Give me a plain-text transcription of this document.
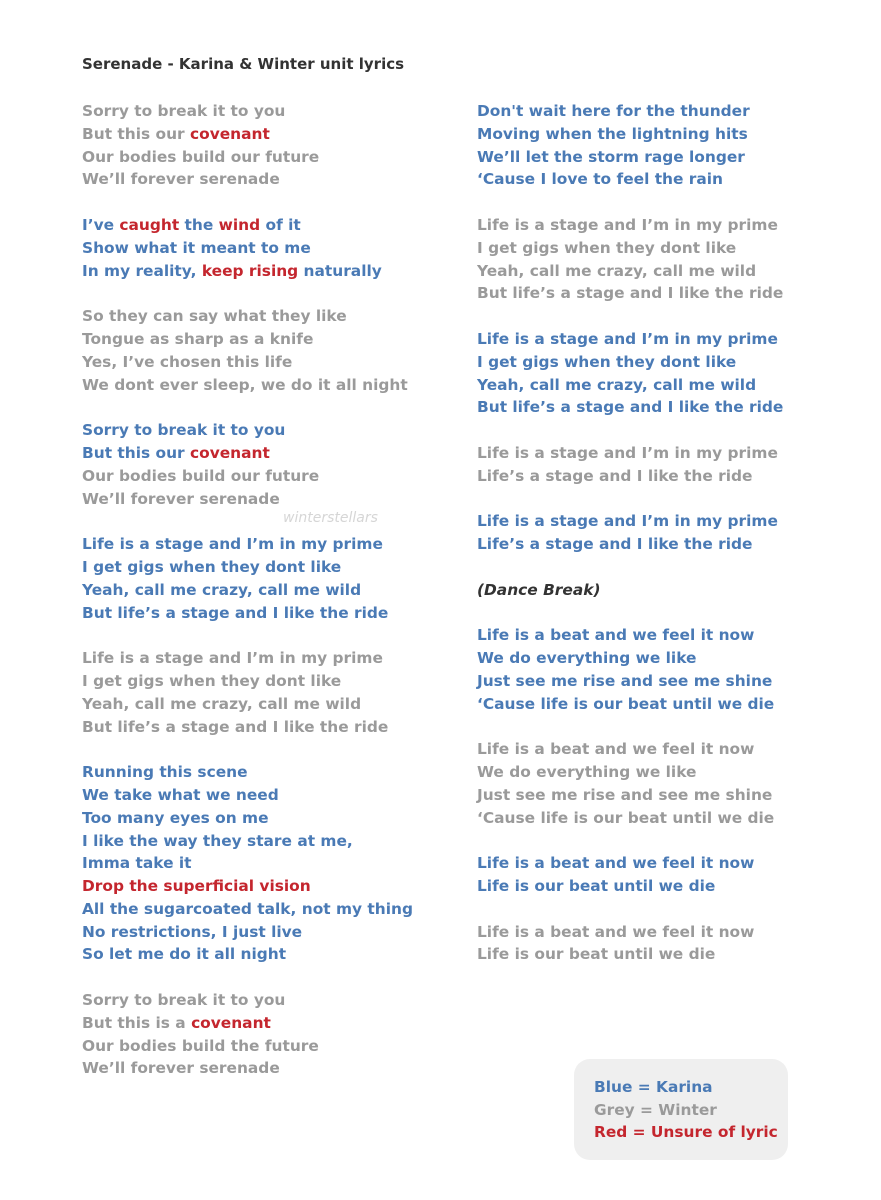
Serenade - Karina & Winter unit lyrics
Sorry to break it to you
But this our covenant
Our bodies build our future
We’ll forever serenade
I’ve caught the wind of it
Show what it meant to me
In my reality, keep rising naturally
So they can say what they like
Tongue as sharp as a knife
Yes, I’ve chosen this life
We dont ever sleep, we do it all night
Sorry to break it to you
But this our covenant
Our bodies build our future
We’ll forever serenade
Life is a stage and I’m in my prime
I get gigs when they dont like
Yeah, call me crazy, call me wild
But life’s a stage and I like the ride
Life is a stage and I’m in my prime
I get gigs when they dont like
Yeah, call me crazy, call me wild
But life’s a stage and I like the ride
Running this scene
We take what we need
Too many eyes on me
I like the way they stare at me,
Imma take it
Drop the superficial vision
All the sugarcoated talk, not my thing
No restrictions, I just live
So let me do it all night
Sorry to break it to you
But this is a covenant
Our bodies build the future
We’ll forever serenade
Don't wait here for the thunder
Moving when the lightning hits
We’ll let the storm rage longer
‘Cause I love to feel the rain
Life is a stage and I’m in my prime
I get gigs when they dont like
Yeah, call me crazy, call me wild
But life’s a stage and I like the ride
Life is a stage and I’m in my prime
I get gigs when they dont like
Yeah, call me crazy, call me wild
But life’s a stage and I like the ride
Life is a stage and I’m in my prime
Life’s a stage and I like the ride
Life is a stage and I’m in my prime
Life’s a stage and I like the ride
(Dance Break)
Life is a beat and we feel it now
We do everything we like
Just see me rise and see me shine
‘Cause life is our beat until we die
Life is a beat and we feel it now
We do everything we like
Just see me rise and see me shine
‘Cause life is our beat until we die
Life is a beat and we feel it now
Life is our beat until we die
Life is a beat and we feel it now
Life is our beat until we die
winterstellars
Blue = Karina
Grey = Winter
Red = Unsure of lyric
